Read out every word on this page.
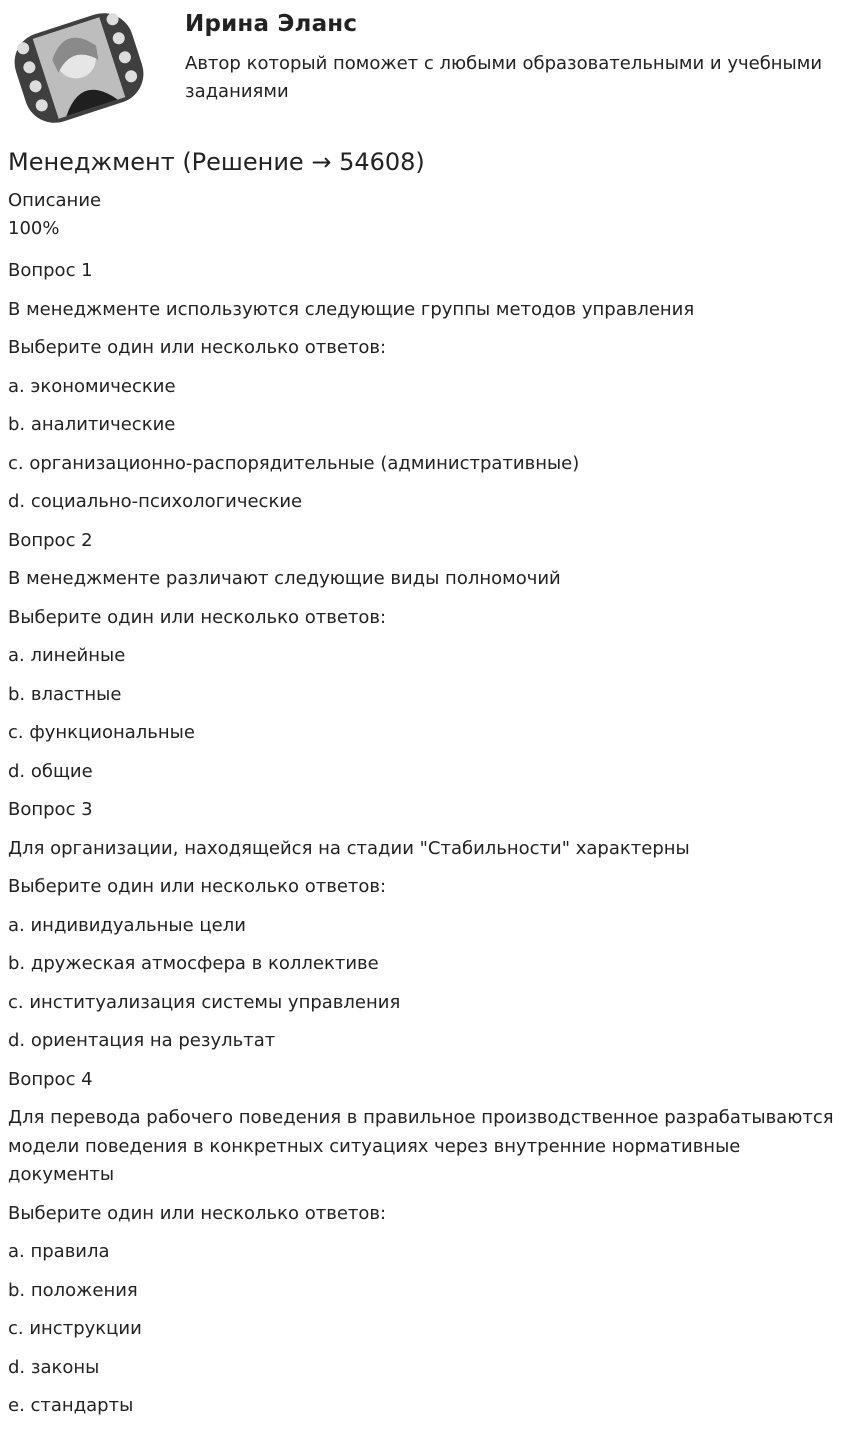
Ирина Эланс
Автор который поможет с любыми образовательными и учебными заданиями
Менеджмент (Решение → 54608)
Описание
100%

Вопрос 1

В менеджменте используются следующие группы методов управления

Выберите один или несколько ответов:

a. экономические

b. аналитические

c. организационно-распорядительные (административные)

d. социально-психологические

Вопрос 2

В менеджменте различают следующие виды полномочий

Выберите один или несколько ответов:

a. линейные

b. властные

c. функциональные

d. общие

Вопрос 3

Для организации, находящейся на стадии "Стабильности" характерны

Выберите один или несколько ответов:

a. индивидуальные цели

b. дружеская атмосфера в коллективе

c. институализация системы управления

d. ориентация на результат

Вопрос 4

Для перевода рабочего поведения в правильное производственное разрабатываются модели поведения в конкретных ситуациях через внутренние нормативные документы

Выберите один или несколько ответов:

a. правила

b. положения

c. инструкции

d. законы

e. стандарты
